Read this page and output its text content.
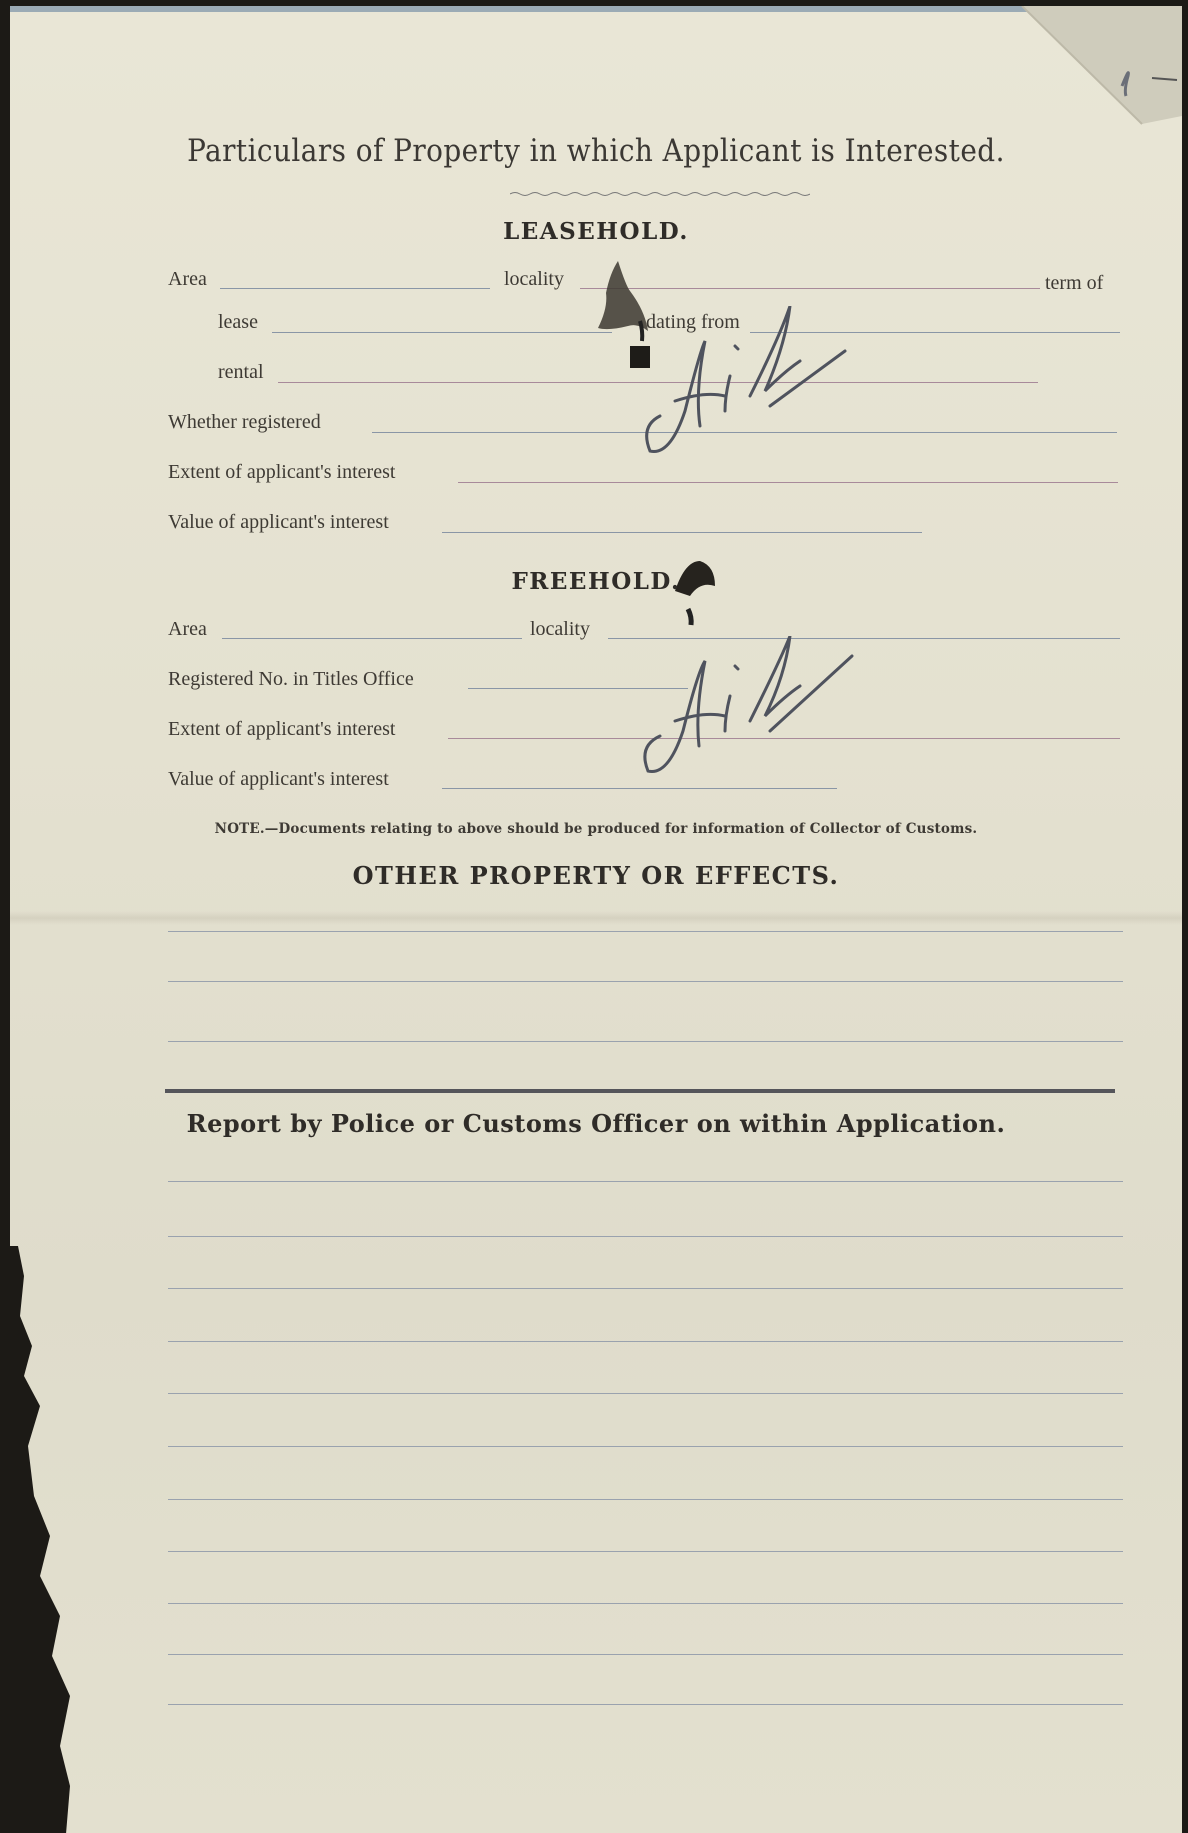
Particulars of Property in which Applicant is Interested.
LEASEHOLD.
Area	locality	term of
lease	dating from
rental
Whether registered
Extent of applicant's interest
Value of applicant's interest
FREEHOLD.
Area	locality
Registered No. in Titles Office
Extent of applicant's interest
Value of applicant's interest
NOTE.—Documents relating to above should be produced for information of Collector of Customs.
OTHER PROPERTY OR EFFECTS.
Report by Police or Customs Officer on within Application.
